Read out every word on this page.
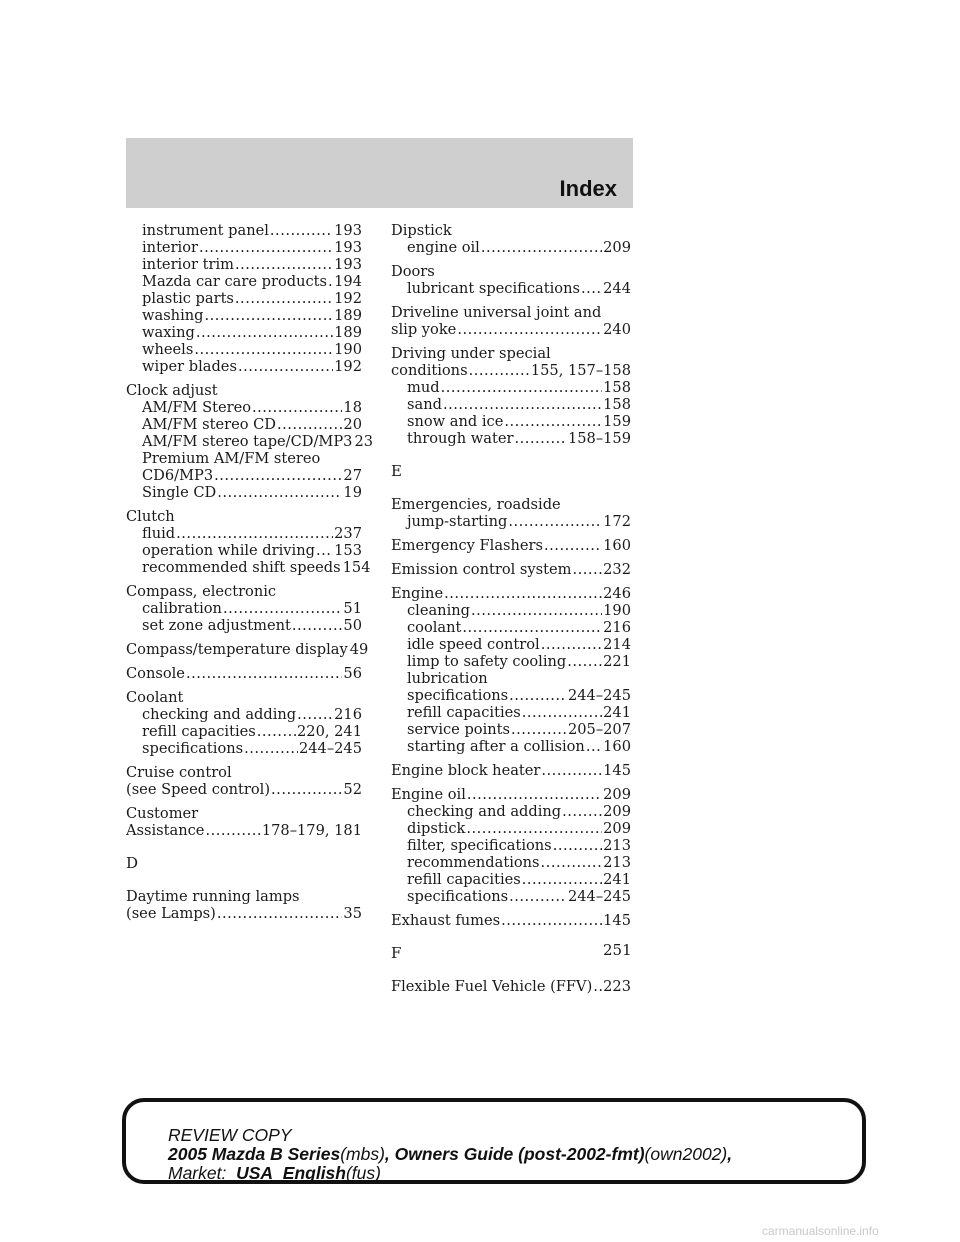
Index
instrument panel .....	193
interior .....	193
interior trim .....	193
Mazda car care products ..... 194
plastic parts .....	192
washing .....	189
waxing .....	189
wheels .....	190
wiper blades .....	192
Clock adjust
AM/FM Stereo .....	18
AM/FM stereo CD .....	20
AM/FM stereo tape/CD/MP3 23
Premium AM/FM stereo
CD6/MP3 .....	27
Single CD .....	19
Clutch
fluid .....	237
operation while driving ..... 153
recommended shift speeds 154
Compass, electronic
calibration .....	51
set zone adjustment .....	50
Compass/temperature display 49
Console .....	56
Coolant
checking and adding .....	216
refill capacities .....	220, 241
specifications .....	244–245
Cruise control
(see Speed control) .....	52
Customer
Assistance .....	178–179, 181
D
Daytime running lamps
(see Lamps) .....	35
Dipstick
engine oil .....	209
Doors
lubricant specifications ..... 244
Driveline universal joint and
slip yoke .....	240
Driving under special
conditions .....	155, 157–158
mud .....	158
sand .....	158
snow and ice .....	159
through water .....	158–159
E
Emergencies, roadside
jump-starting .....	172
Emergency Flashers .....	160
Emission control system ..... 232
Engine .....	246
cleaning .....	190
coolant .....	216
idle speed control .....	214
limp to safety cooling .....	221
lubrication
specifications .....	244–245
refill capacities .....	241
service points .....	205–207
starting after a collision ..... 160
Engine block heater .....	145
Engine oil .....	209
checking and adding .....	209
dipstick .....	209
filter, specifications .....	213
recommendations .....	213
refill capacities .....	241
specifications .....	244–245
Exhaust fumes .....	145
F
Flexible Fuel Vehicle (FFV) ..... 223
251
REVIEW COPY
2005 Mazda B Series(mbs), Owners Guide (post-2002-fmt)(own2002),
Market: USA_English(fus)
carmanualsonline.info
